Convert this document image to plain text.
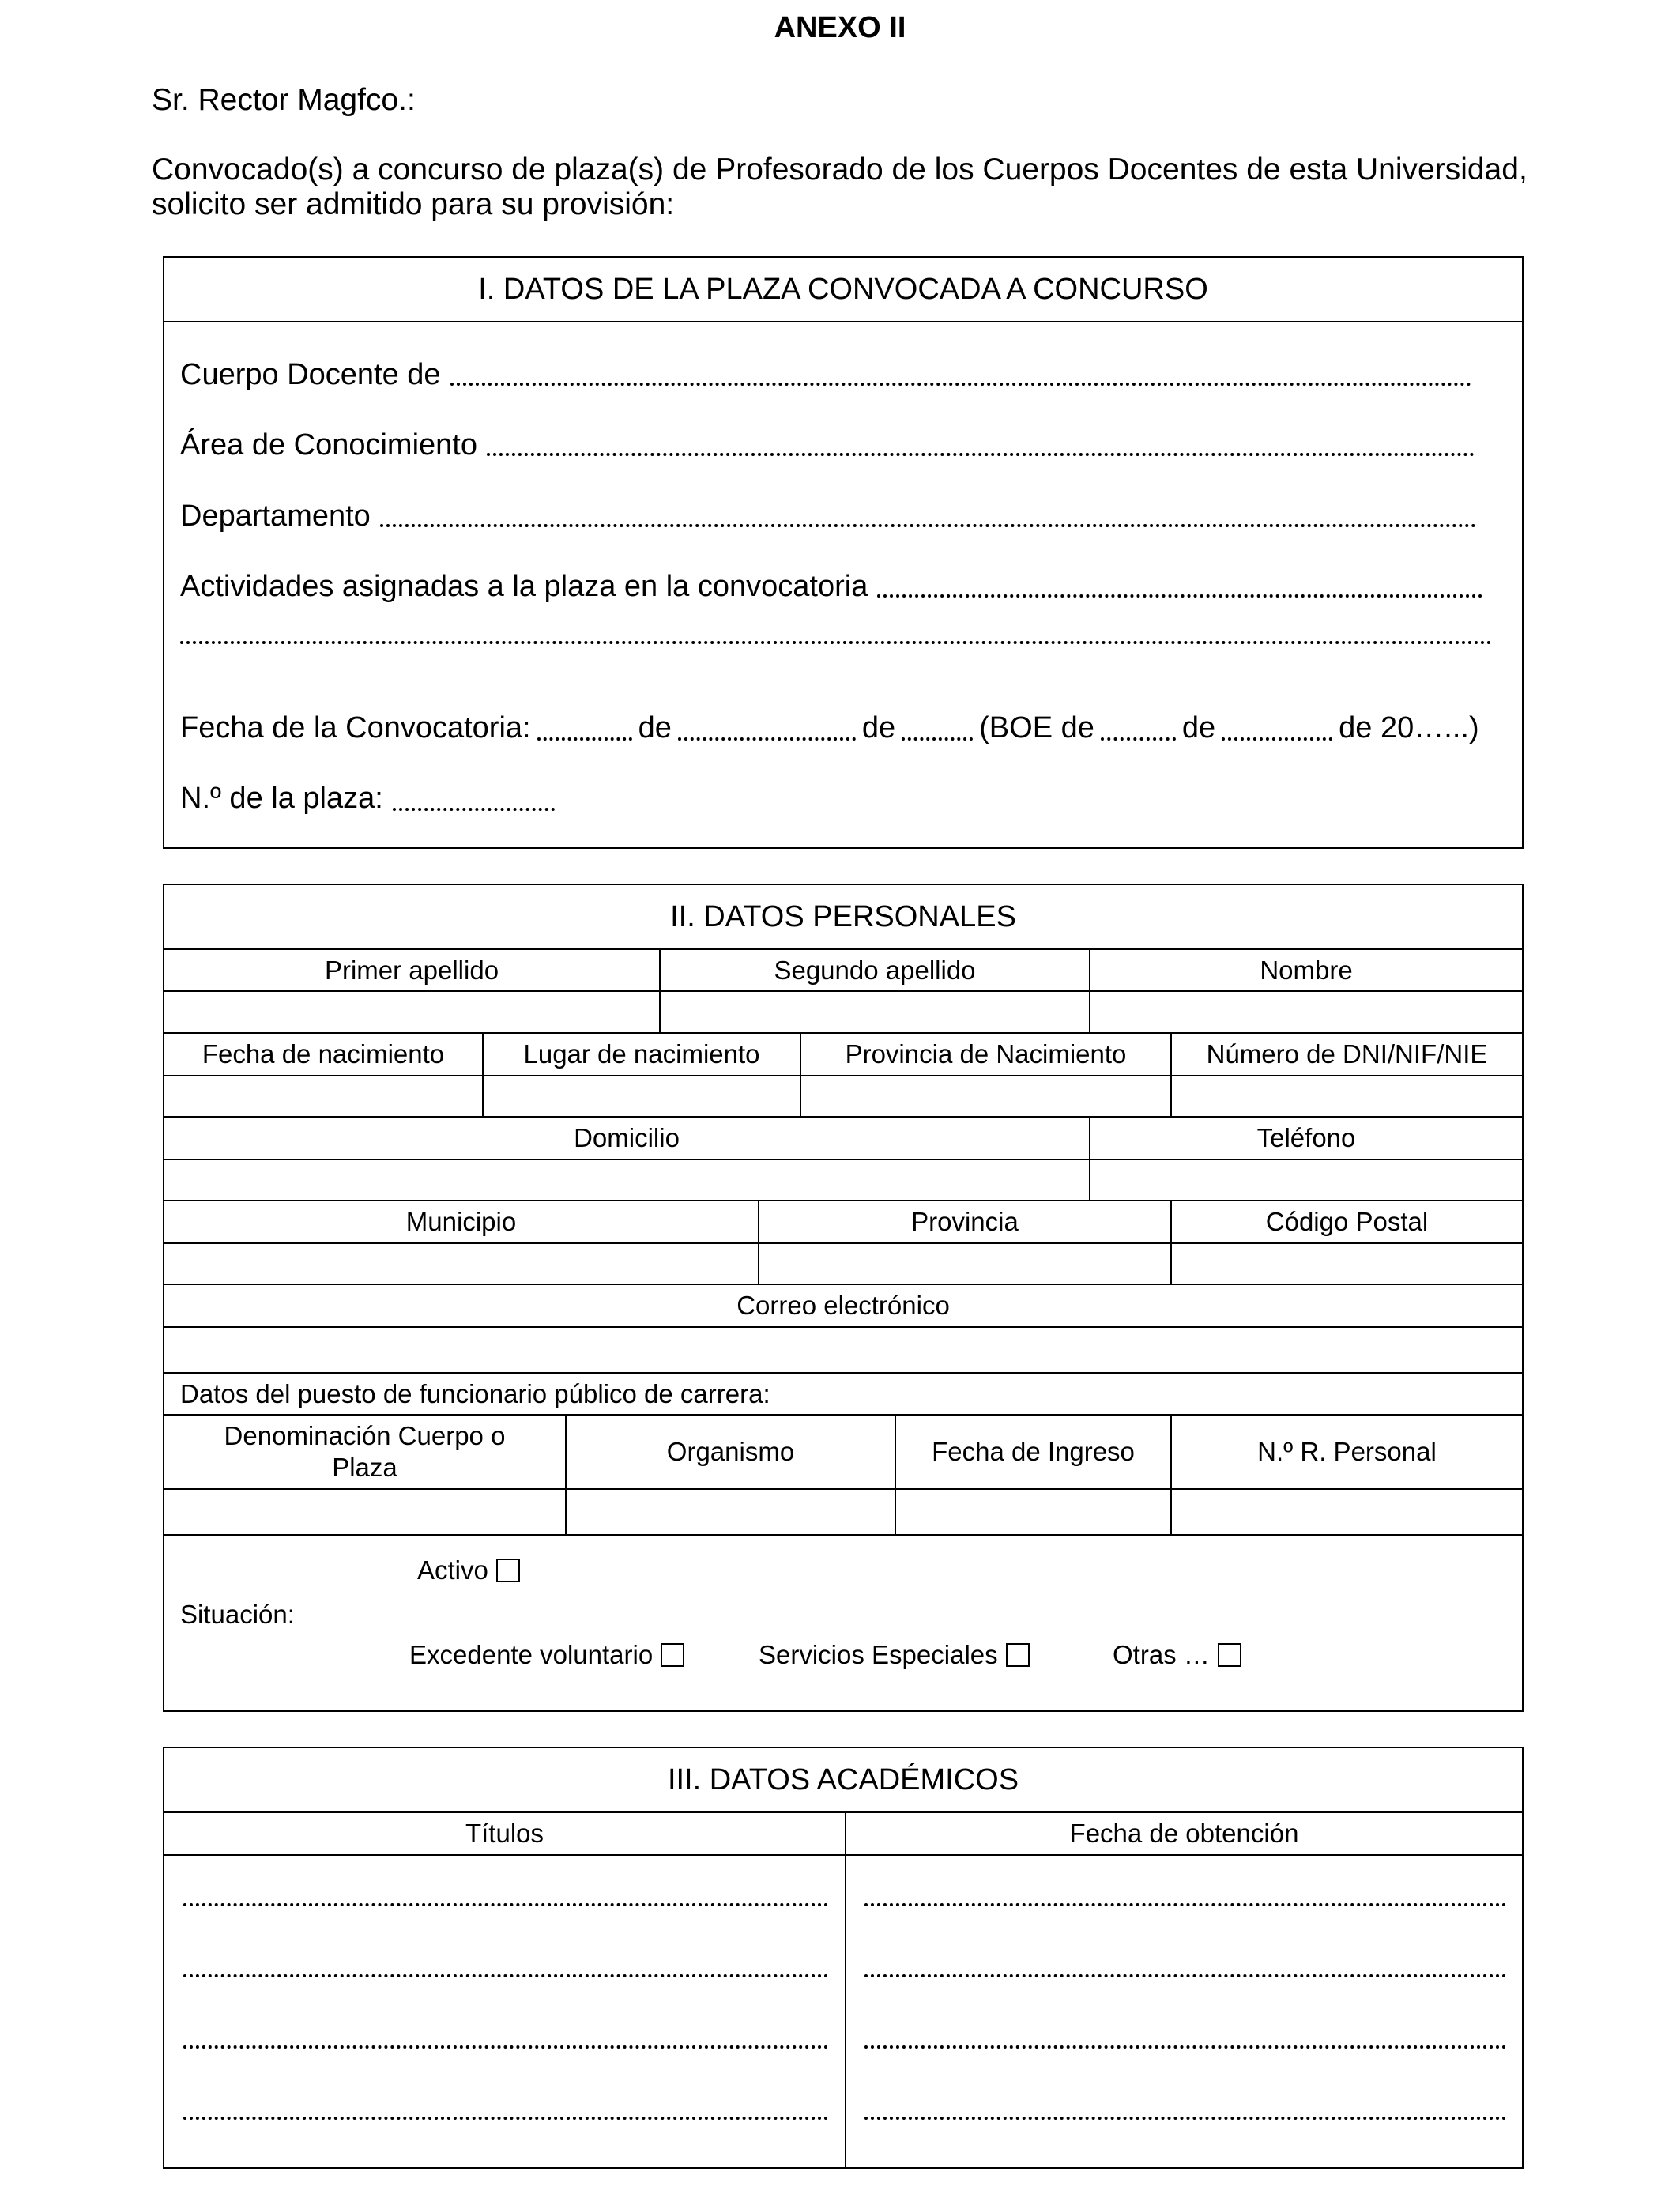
ANEXO II
Sr. Rector Magfco.:
Convocado(s) a concurso de plaza(s) de Profesorado de los Cuerpos Docentes de esta Universidad,
solicito ser admitido para su provisión:
I. DATOS DE LA PLAZA CONVOCADA A CONCURSO
Cuerpo Docente de
Área de Conocimiento
Departamento
Actividades asignadas a la plaza en la convocatoria
Fecha de la Convocatoria:	de	de	(BOE de	de	de 20 …...)
N.º de la plaza:
II. DATOS PERSONALES
Primer apellido	Segundo apellido	Nombre

Fecha de nacimiento	Lugar de nacimiento	Provincia de Nacimiento	Número de DNI/NIF/NIE

Domicilio	Teléfono

Municipio	Provincia	Código Postal

Correo electrónico

Datos del puesto de funcionario público de carrera:
Denominación Cuerpo o Plaza	Organismo	Fecha de Ingreso	N.º R. Personal

Situación:
Activo
Excedente voluntario	Servicios Especiales	Otras …
III. DATOS ACADÉMICOS
Títulos	Fecha de obtención
